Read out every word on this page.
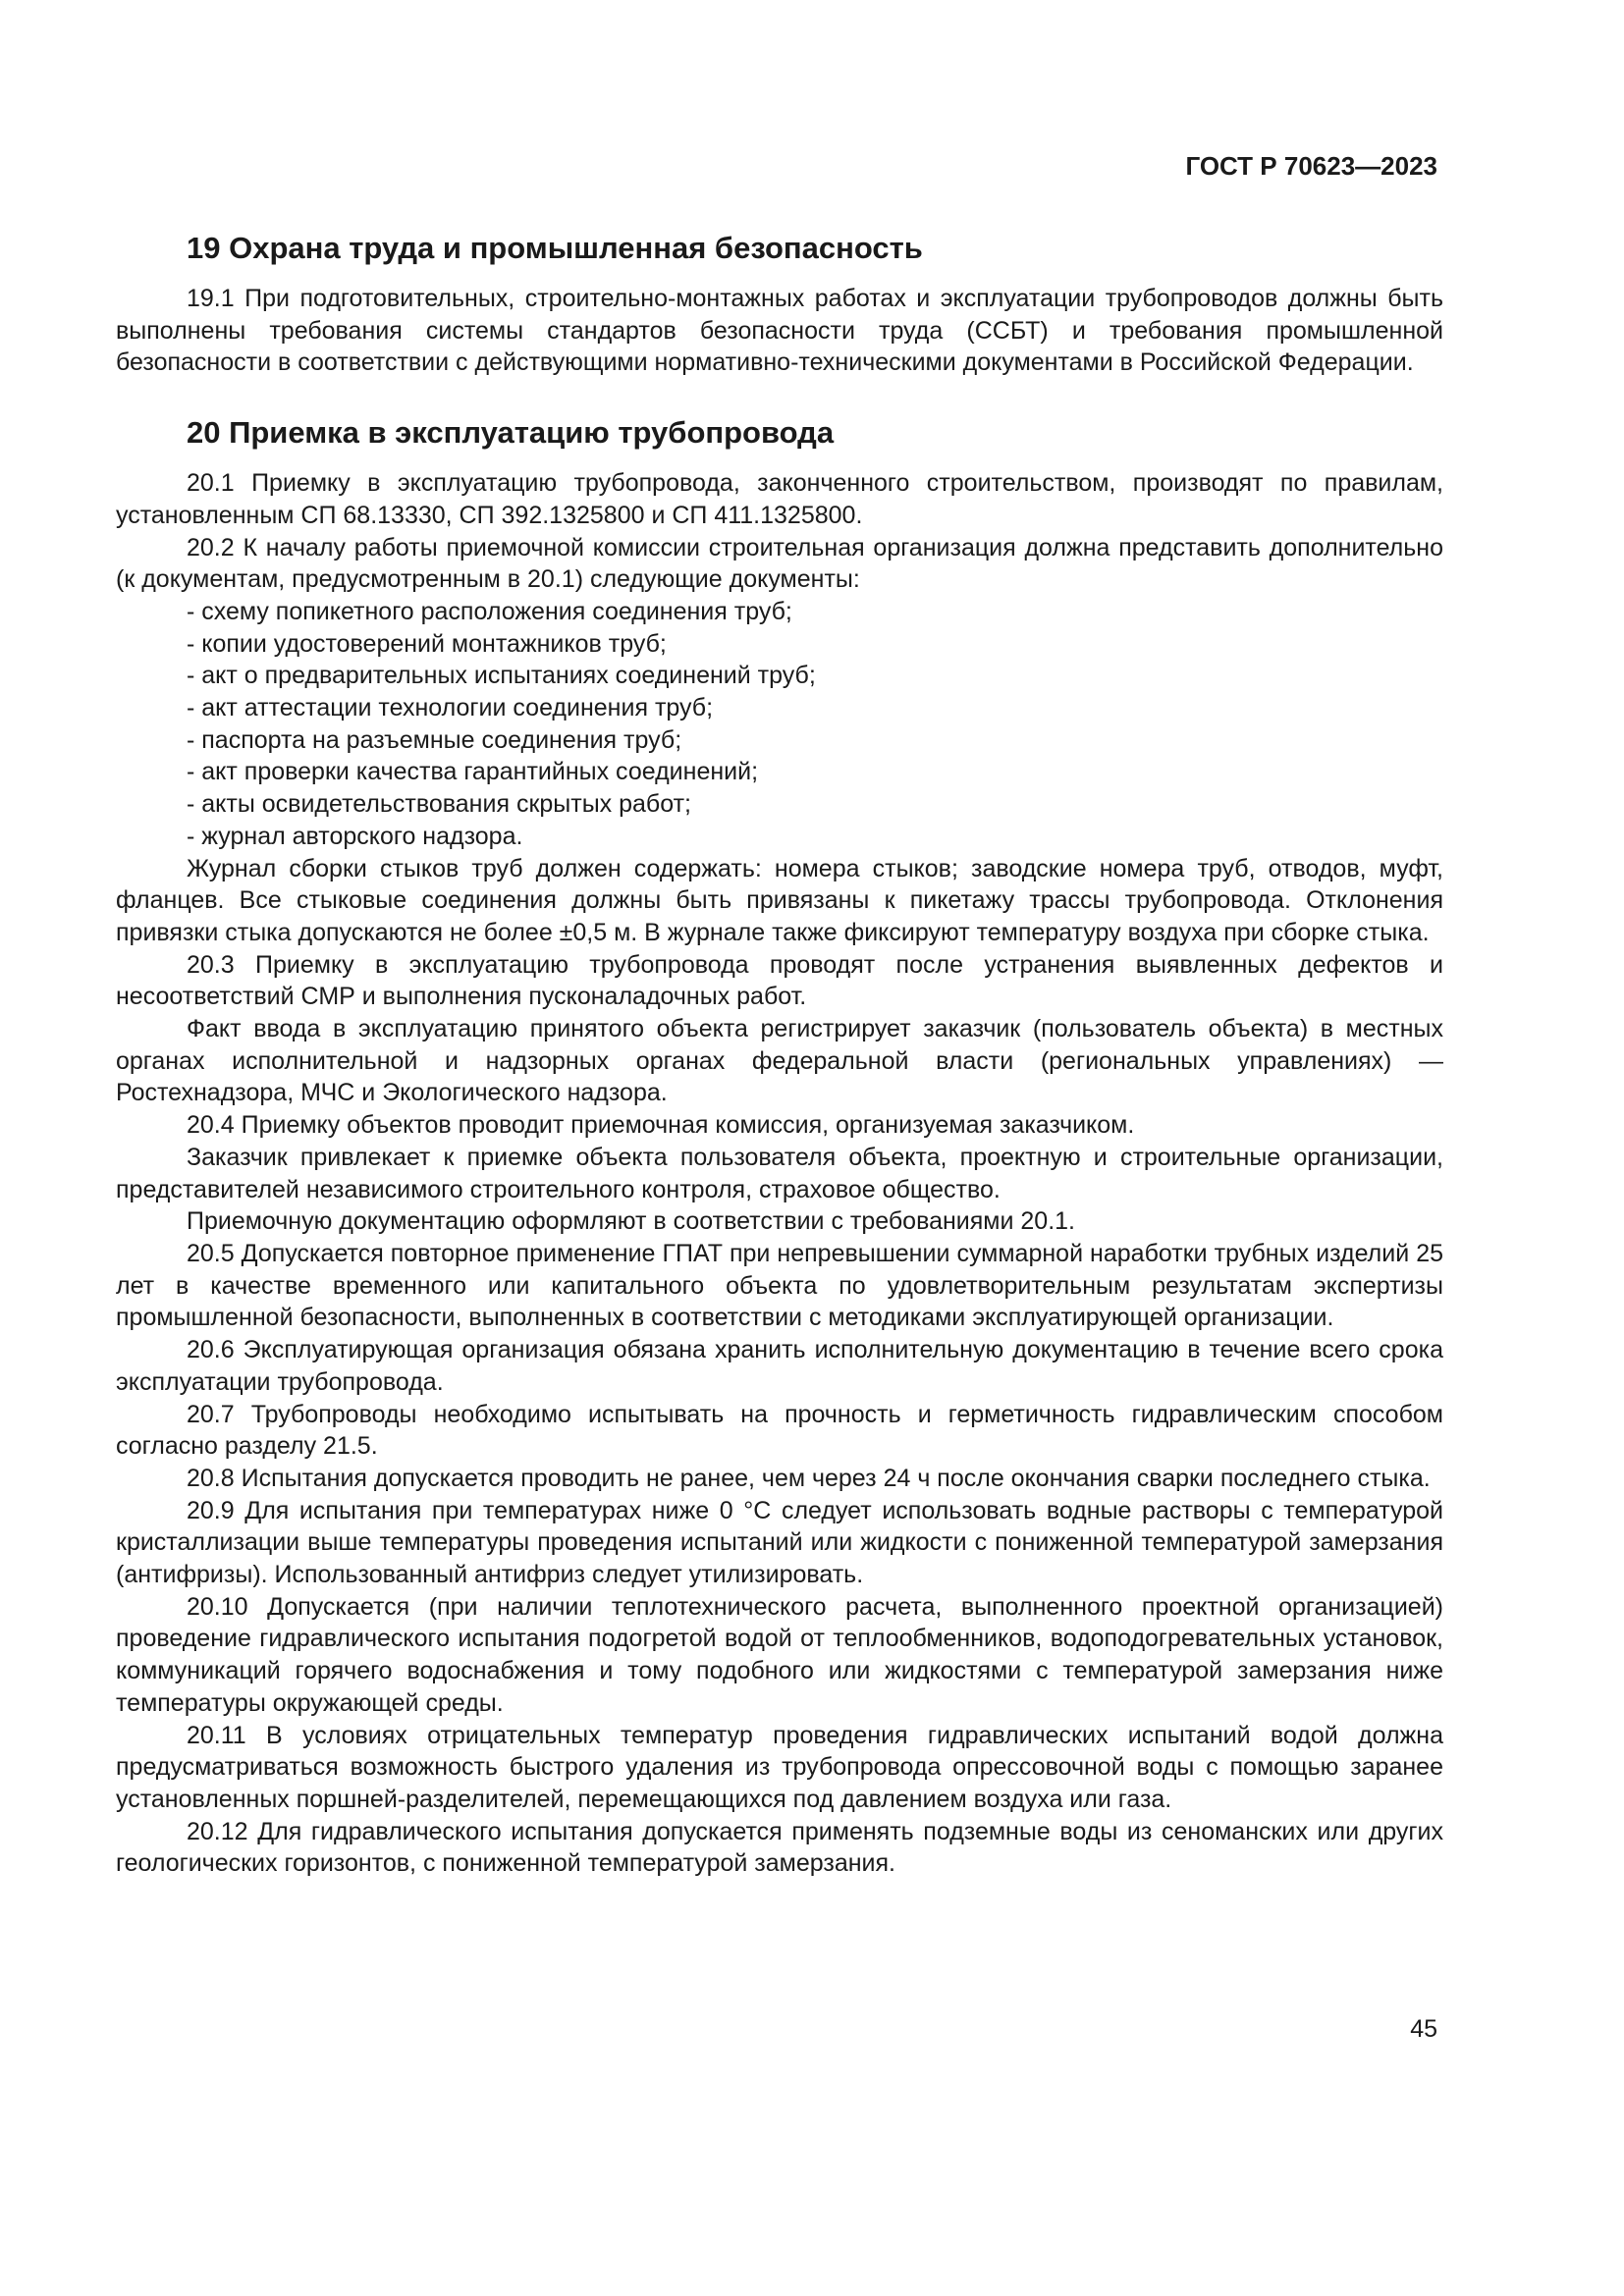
ГОСТ Р 70623—2023

19 Охрана труда и промышленная безопасность

19.1 При подготовительных, строительно-монтажных работах и эксплуатации трубопроводов должны быть выполнены требования системы стандартов безопасности труда (ССБТ) и требования промышленной безопасности в соответствии с действующими нормативно-техническими документами в Российской Федерации.

20 Приемка в эксплуатацию трубопровода

20.1 Приемку в эксплуатацию трубопровода, законченного строительством, производят по правилам, установленным СП 68.13330, СП 392.1325800 и СП 411.1325800.

20.2 К началу работы приемочной комиссии строительная организация должна представить дополнительно (к документам, предусмотренным в 20.1) следующие документы:

- схему попикетного расположения соединения труб;

- копии удостоверений монтажников труб;

- акт о предварительных испытаниях соединений труб;

- акт аттестации технологии соединения труб;

- паспорта на разъемные соединения труб;

- акт проверки качества гарантийных соединений;

- акты освидетельствования скрытых работ;

- журнал авторского надзора.

Журнал сборки стыков труб должен содержать: номера стыков; заводские номера труб, отводов, муфт, фланцев. Все стыковые соединения должны быть привязаны к пикетажу трассы трубопровода. Отклонения привязки стыка допускаются не более ±0,5 м. В журнале также фиксируют температуру воздуха при сборке стыка.

20.3 Приемку в эксплуатацию трубопровода проводят после устранения выявленных дефектов и несоответствий СМР и выполнения пусконаладочных работ.

Факт ввода в эксплуатацию принятого объекта регистрирует заказчик (пользователь объекта) в местных органах исполнительной и надзорных органах федеральной власти (региональных управлениях) — Ростехнадзора, МЧС и Экологического надзора.

20.4 Приемку объектов проводит приемочная комиссия, организуемая заказчиком.

Заказчик привлекает к приемке объекта пользователя объекта, проектную и строительные организации, представителей независимого строительного контроля, страховое общество.

Приемочную документацию оформляют в соответствии с требованиями 20.1.

20.5 Допускается повторное применение ГПАТ при непревышении суммарной наработки трубных изделий 25 лет в качестве временного или капитального объекта по удовлетворительным результатам экспертизы промышленной безопасности, выполненных в соответствии с методиками эксплуатирующей организации.

20.6 Эксплуатирующая организация обязана хранить исполнительную документацию в течение всего срока эксплуатации трубопровода.

20.7 Трубопроводы необходимо испытывать на прочность и герметичность гидравлическим способом согласно разделу 21.5.

20.8 Испытания допускается проводить не ранее, чем через 24 ч после окончания сварки последнего стыка.

20.9 Для испытания при температурах ниже 0 °С следует использовать водные растворы с температурой кристаллизации выше температуры проведения испытаний или жидкости с пониженной температурой замерзания (антифризы). Использованный антифриз следует утилизировать.

20.10 Допускается (при наличии теплотехнического расчета, выполненного проектной организацией) проведение гидравлического испытания подогретой водой от теплообменников, водоподогревательных установок, коммуникаций горячего водоснабжения и тому подобного или жидкостями с температурой замерзания ниже температуры окружающей среды.

20.11 В условиях отрицательных температур проведения гидравлических испытаний водой должна предусматриваться возможность быстрого удаления из трубопровода опрессовочной воды с помощью заранее установленных поршней-разделителей, перемещающихся под давлением воздуха или газа.

20.12 Для гидравлического испытания допускается применять подземные воды из сеноманских или других геологических горизонтов, с пониженной температурой замерзания.

45
